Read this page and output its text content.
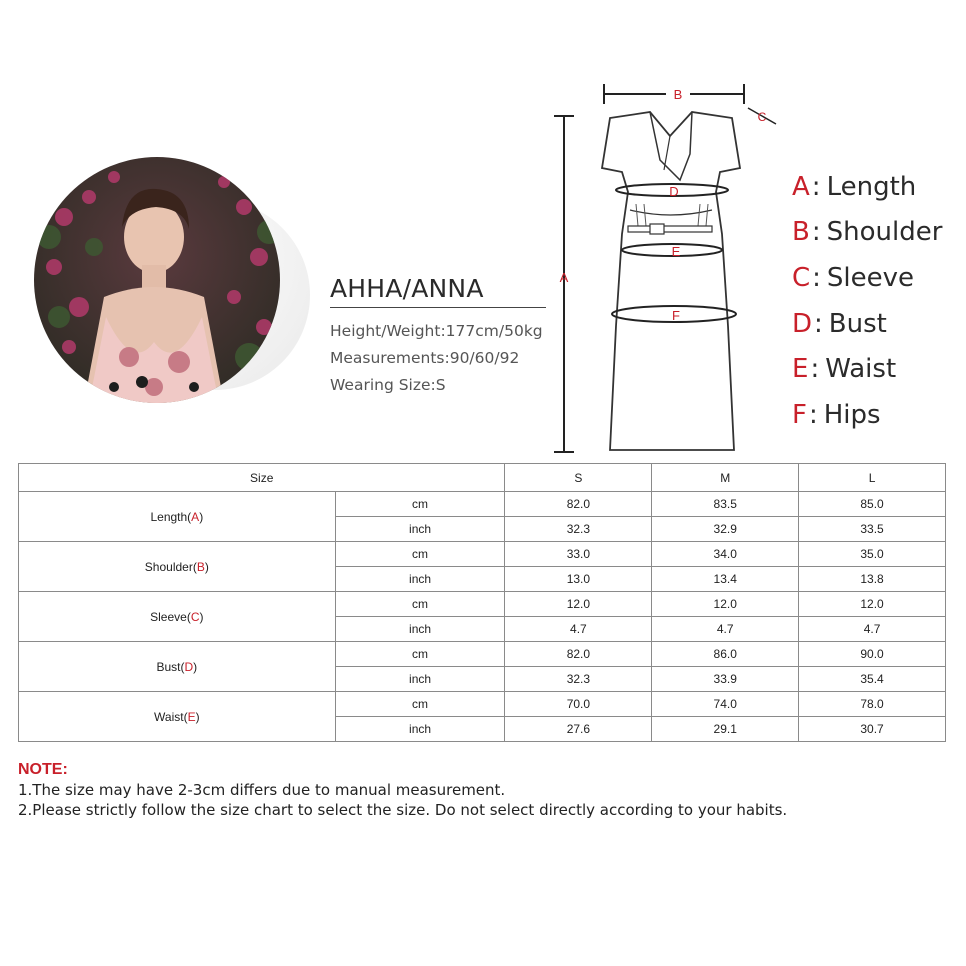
AHHA/ANNA
Height/Weight:177cm/50kg
Measurements:90/60/92
Wearing Size:S
A
B
C
D
E
F
A : Length
B : Shoulder
C : Sleeve
D : Bust
E : Waist
F : Hips
Size		S	M	L
Length(A)	cm	82.0	83.5	85.0
	inch	32.3	32.9	33.5
Shoulder(B)	cm	33.0	34.0	35.0
	inch	13.0	13.4	13.8
Sleeve(C)	cm	12.0	12.0	12.0
	inch	4.7	4.7	4.7
Bust(D)	cm	82.0	86.0	90.0
	inch	32.3	33.9	35.4
Waist(E)	cm	70.0	74.0	78.0
	inch	27.6	29.1	30.7
NOTE:
1.The size may have 2-3cm differs due to manual measurement.
2.Please strictly follow the size chart to select the size. Do not select directly according to your habits.
